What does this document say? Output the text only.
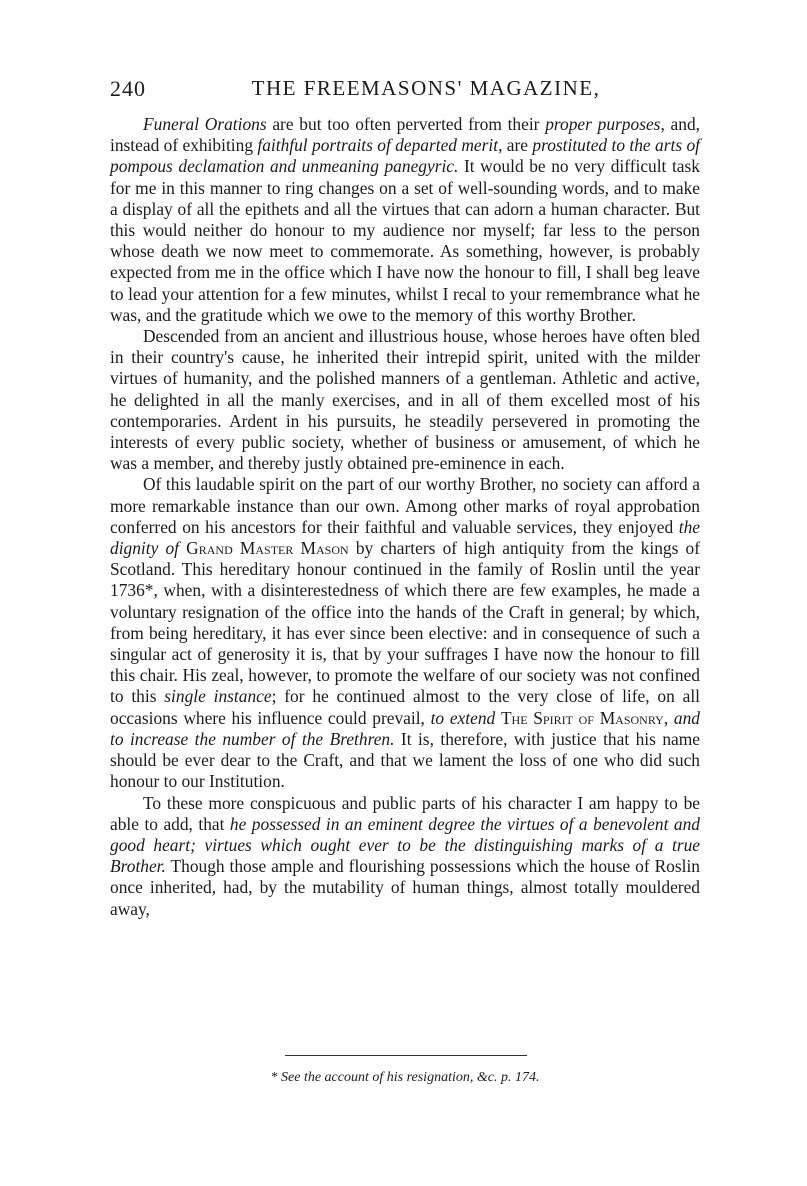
240	THE FREEMASONS' MAGAZINE,

Funeral Orations are but too often perverted from their proper purposes, and, instead of exhibiting faithful portraits of departed merit, are prostituted to the arts of pompous declamation and unmeaning panegyric. It would be no very difficult task for me in this manner to ring changes on a set of well-sounding words, and to make a display of all the epithets and all the virtues that can adorn a human character. But this would neither do honour to my audience nor myself; far less to the person whose death we now meet to commemorate. As something, however, is probably expected from me in the office which I have now the honour to fill, I shall beg leave to lead your attention for a few minutes, whilst I recal to your remembrance what he was, and the gratitude which we owe to the memory of this worthy Brother.

Descended from an ancient and illustrious house, whose heroes have often bled in their country's cause, he inherited their intrepid spirit, united with the milder virtues of humanity, and the polished manners of a gentleman. Athletic and active, he delighted in all the manly exercises, and in all of them excelled most of his contemporaries. Ardent in his pursuits, he steadily persevered in promoting the interests of every public society, whether of business or amusement, of which he was a member, and thereby justly obtained pre-eminence in each.

Of this laudable spirit on the part of our worthy Brother, no society can afford a more remarkable instance than our own. Among other marks of royal approbation conferred on his ancestors for their faithful and valuable services, they enjoyed the dignity of Grand Master Mason by charters of high antiquity from the kings of Scotland. This hereditary honour continued in the family of Roslin until the year 1736*, when, with a disinterestedness of which there are few examples, he made a voluntary resignation of the office into the hands of the Craft in general; by which, from being hereditary, it has ever since been elective: and in consequence of such a singular act of generosity it is, that by your suffrages I have now the honour to fill this chair. His zeal, however, to promote the welfare of our society was not confined to this single instance; for he continued almost to the very close of life, on all occasions where his influence could prevail, to extend The Spirit of Masonry, and to increase the number of the Brethren. It is, therefore, with justice that his name should be ever dear to the Craft, and that we lament the loss of one who did such honour to our Institution.

To these more conspicuous and public parts of his character I am happy to be able to add, that he possessed in an eminent degree the virtues of a benevolent and good heart; virtues which ought ever to be the distinguishing marks of a true Brother. Though those ample and flourishing possessions which the house of Roslin once inherited, had, by the mutability of human things, almost totally mouldered away,

* See the account of his resignation, &c. p. 174.
